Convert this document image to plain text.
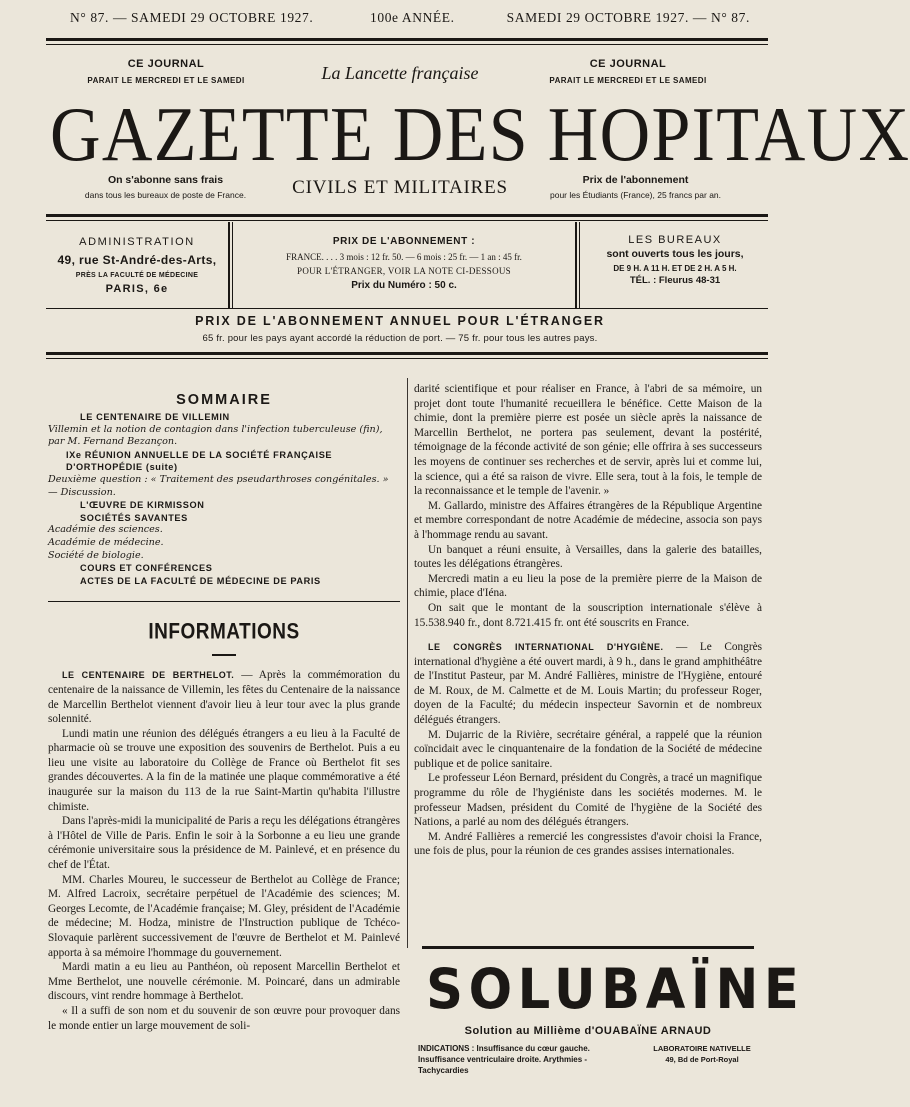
N° 87. — SAMEDI 29 OCTOBRE 1927.	100e ANNÉE.	SAMEDI 29 OCTOBRE 1927. — N° 87.
CE JOURNAL
PARAIT LE MERCREDI ET LE SAMEDI
CE JOURNAL
PARAIT LE MERCREDI ET LE SAMEDI
La Lancette française
GAZETTE DES HOPITAUX
On s'abonne sans frais
dans tous les bureaux de poste de France.	CIVILS ET MILITAIRES	Prix de l'abonnement
pour les Étudiants (France), 25 francs par an.
ADMINISTRATION
49, rue St-André-des-Arts,
PRÈS LA FACULTÉ DE MÉDECINE
PARIS, 6e
PRIX DE L'ABONNEMENT :
FRANCE. . . . 3 mois : 12 fr. 50. — 6 mois : 25 fr. — 1 an : 45 fr.
POUR L'ÉTRANGER, VOIR LA NOTE CI-DESSOUS
Prix du Numéro : 50 c.
LES BUREAUX
sont ouverts tous les jours,
DE 9 H. A 11 H. ET DE 2 H. A 5 H.
TÉL. : Fleurus 48-31
PRIX DE L'ABONNEMENT ANNUEL POUR L'ÉTRANGER
65 fr. pour les pays ayant accordé la réduction de port. — 75 fr. pour tous les autres pays.
SOMMAIRE
LE CENTENAIRE DE VILLEMIN
Villemin et la notion de contagion dans l'infection tuberculeuse (fin), par M. Fernand Bezançon.
IXe RÉUNION ANNUELLE DE LA SOCIÉTÉ FRANÇAISE D'ORTHOPÉDIE (suite)
Deuxième question : « Traitement des pseudarthroses congénitales. » — Discussion.
L'ŒUVRE DE KIRMISSON
SOCIÉTÉS SAVANTES
Académie des sciences.
Académie de médecine.
Société de biologie.
COURS ET CONFÉRENCES
ACTES DE LA FACULTÉ DE MÉDECINE DE PARIS
INFORMATIONS

LE CENTENAIRE DE BERTHELOT. — Après la commémoration du centenaire de la naissance de Villemin, les fêtes du Centenaire de la naissance de Marcellin Berthelot viennent d'avoir lieu à leur tour avec la plus grande solennité.

Lundi matin une réunion des délégués étrangers a eu lieu à la Faculté de pharmacie où se trouve une exposition des souvenirs de Berthelot. Puis a eu lieu une visite au laboratoire du Collège de France où Berthelot fit ses grandes découvertes. A la fin de la matinée une plaque commémorative a été inaugurée sur la maison du 113 de la rue Saint-Martin qu'habita l'illustre chimiste.

Dans l'après-midi la municipalité de Paris a reçu les délégations étrangères à l'Hôtel de Ville de Paris. Enfin le soir à la Sorbonne a eu lieu une grande cérémonie universitaire sous la présidence de M. Painlevé, et en présence du chef de l'État.

MM. Charles Moureu, le successeur de Berthelot au Collège de France; M. Alfred Lacroix, secrétaire perpétuel de l'Académie des sciences; M. Georges Lecomte, de l'Académie française; M. Gley, président de l'Académie de médecine; M. Hodza, ministre de l'Instruction publique de Tchéco-Slovaquie parlèrent successivement de l'œuvre de Berthelot et M. Painlevé apporta à sa mémoire l'hommage du gouvernement.

Mardi matin a eu lieu au Panthéon, où reposent Marcellin Berthelot et Mme Berthelot, une nouvelle cérémonie. M. Poincaré, dans un admirable discours, vint rendre hommage à Berthelot.

« Il a suffi de son nom et du souvenir de son œuvre pour provoquer dans le monde entier un large mouvement de soli-

darité scientifique et pour réaliser en France, à l'abri de sa mémoire, un projet dont toute l'humanité recueillera le bénéfice. Cette Maison de la chimie, dont la première pierre est posée un siècle après la naissance de Marcellin Berthelot, ne portera pas seulement, devant la postérité, témoignage de la féconde activité de son génie; elle offrira à ses successeurs les moyens de continuer ses recherches et de servir, après lui et comme lui, la science, qui a été sa raison de vivre. Elle sera, tout à la fois, le temple de la reconnaissance et le temple de l'avenir. »

M. Gallardo, ministre des Affaires étrangères de la République Argentine et membre correspondant de notre Académie de médecine, associa son pays à l'hommage rendu au savant.

Un banquet a réuni ensuite, à Versailles, dans la galerie des batailles, toutes les délégations étrangères.

Mercredi matin a eu lieu la pose de la première pierre de la Maison de chimie, place d'Iéna.

On sait que le montant de la souscription internationale s'élève à 15.538.940 fr., dont 8.721.415 fr. ont été souscrits en France.

LE CONGRÈS INTERNATIONAL D'HYGIÈNE. — Le Congrès international d'hygiène a été ouvert mardi, à 9 h., dans le grand amphithéâtre de l'Institut Pasteur, par M. André Fallières, ministre de l'Hygiène, entouré de M. Roux, de M. Calmette et de M. Louis Martin; du professeur Roger, doyen de la Faculté; du médecin inspecteur Savornin et de nombreux délégués étrangers.

M. Dujarric de la Rivière, secrétaire général, a rappelé que la réunion coïncidait avec le cinquantenaire de la fondation de la Société de médecine publique et de police sanitaire.

Le professeur Léon Bernard, président du Congrès, a tracé un magnifique programme du rôle de l'hygiéniste dans les sociétés modernes. M. le professeur Madsen, président du Comité de l'hygiène de la Société des Nations, a parlé au nom des délégués étrangers.

M. André Fallières a remercié les congressistes d'avoir choisi la France, une fois de plus, pour la réunion de ces grandes assises internationales.

SOLUBAÏNE
Solution au Millième d'OUABAÏNE ARNAUD
INDICATIONS : Insuffisance du cœur gauche. Insuffisance ventriculaire droite. Arythmies - Tachycardies
LABORATOIRE NATIVELLE
49, Bd de Port-Royal
